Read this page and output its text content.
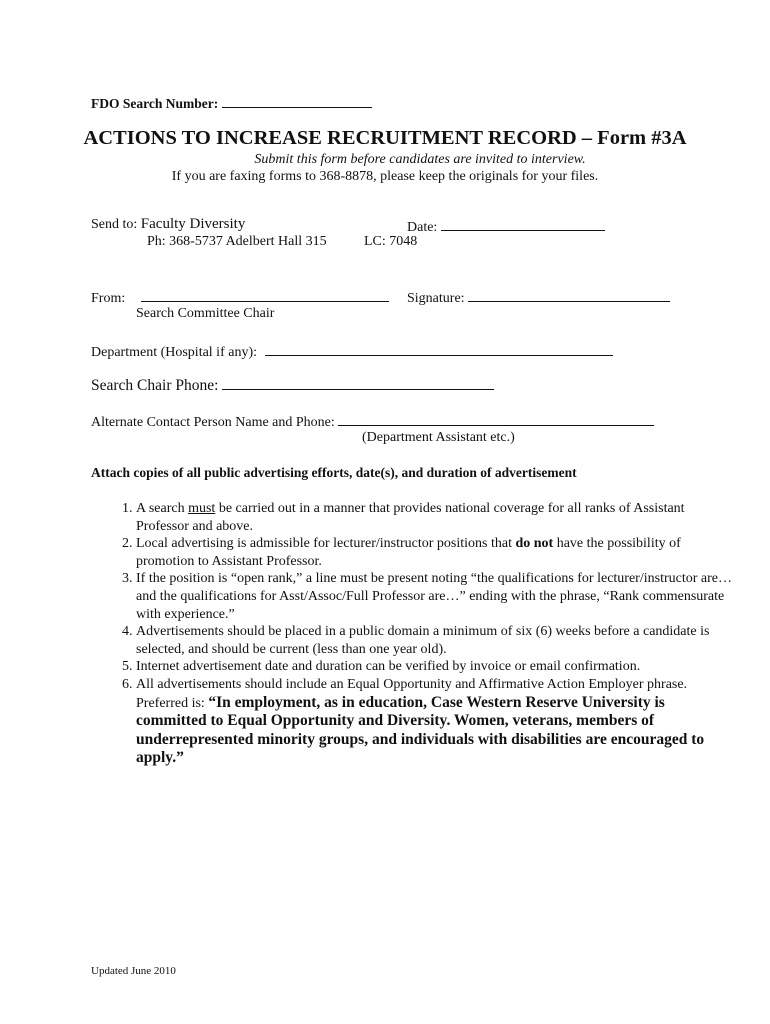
FDO Search Number:
ACTIONS TO INCREASE RECRUITMENT RECORD – Form #3A
Submit this form before candidates are invited to interview.
If you are faxing forms to 368-8878, please keep the originals for your files.
Send to: Faculty Diversity	Date:
Ph: 368-5737 Adelbert Hall 315	LC: 7048
From:	Signature:
Search Committee Chair
Department (Hospital if any):
Search Chair Phone:
Alternate Contact Person Name and Phone:
(Department Assistant etc.)
Attach copies of all public advertising efforts, date(s), and duration of advertisement
1. A search must be carried out in a manner that provides national coverage for all ranks of Assistant Professor and above.
2. Local advertising is admissible for lecturer/instructor positions that do not have the possibility of promotion to Assistant Professor.
3. If the position is “open rank,” a line must be present noting “the qualifications for lecturer/instructor are… and the qualifications for Asst/Assoc/Full Professor are…” ending with the phrase, “Rank commensurate with experience.”
4. Advertisements should be placed in a public domain a minimum of six (6) weeks before a candidate is selected, and should be current (less than one year old).
5. Internet advertisement date and duration can be verified by invoice or email confirmation.
6. All advertisements should include an Equal Opportunity and Affirmative Action Employer phrase. Preferred is: “In employment, as in education, Case Western Reserve University is committed to Equal Opportunity and Diversity. Women, veterans, members of underrepresented minority groups, and individuals with disabilities are encouraged to apply.”
Updated June 2010
